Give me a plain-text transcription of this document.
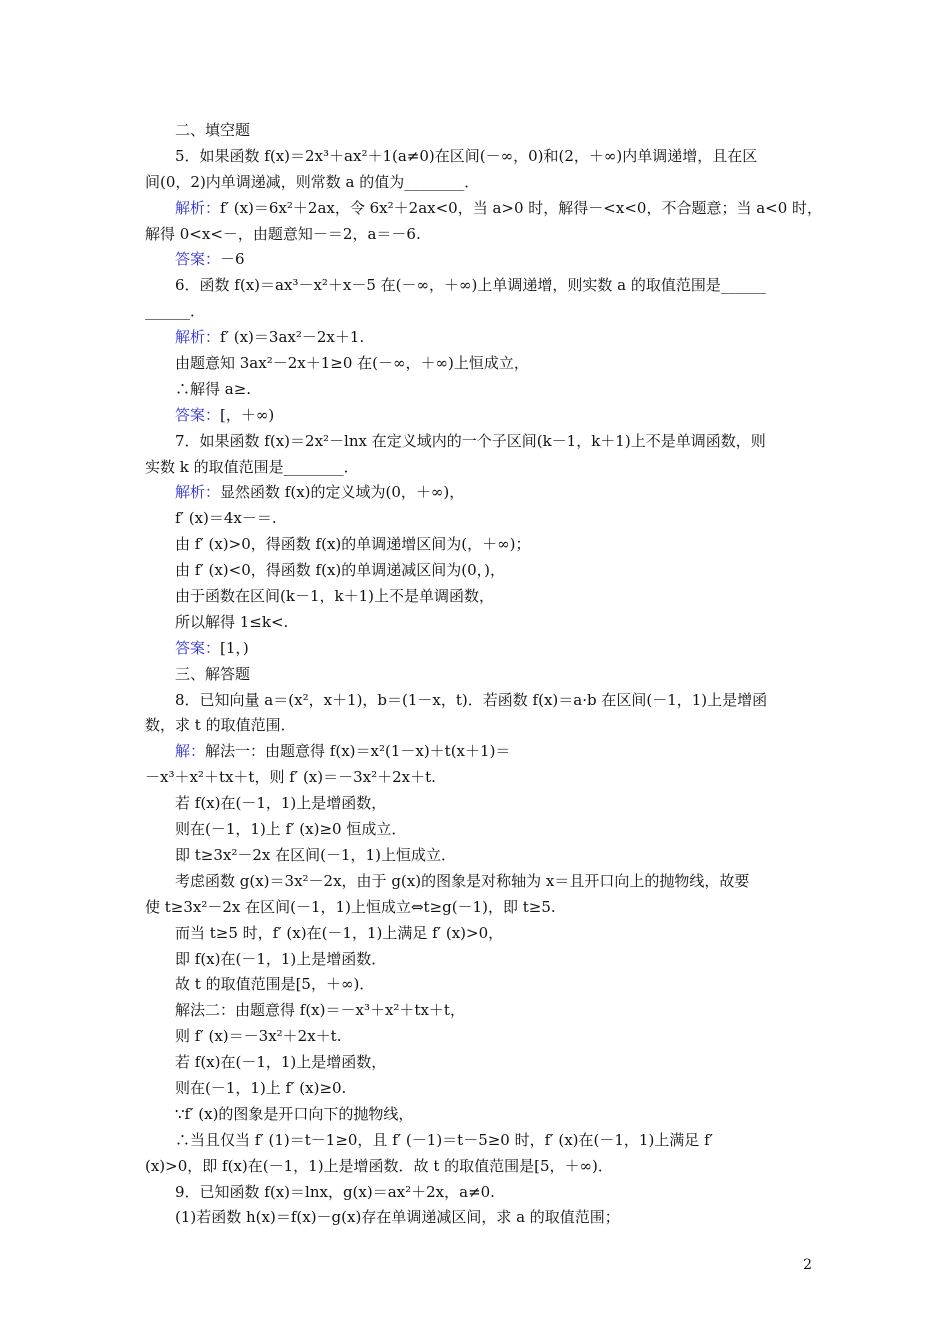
二、填空题
5．如果函数 f(x)＝2x³＋ax²＋1(a≠0)在区间(－∞，0)和(2，＋∞)内单调递增，且在区
间(0，2)内单调递减，则常数 a 的值为________．
解析：f′ (x)＝6x²＋2ax，令 6x²＋2ax<0，当 a>0 时，解得－<x<0，不合题意；当 a<0 时，
解得 0<x<－，由题意知－＝2，a＝－6.
答案：－6
6．函数 f(x)＝ax³－x²＋x－5 在(－∞，＋∞)上单调递增，则实数 a 的取值范围是______
______．
解析：f′ (x)＝3ax²－2x＋1.
由题意知 3ax²－2x＋1≥0 在(－∞，＋∞)上恒成立，
∴解得 a≥.
答案：[，＋∞)
7．如果函数 f(x)＝2x²－lnx 在定义域内的一个子区间(k－1，k＋1)上不是单调函数，则
实数 k 的取值范围是________．
解析：显然函数 f(x)的定义域为(0，＋∞)，
f′ (x)＝4x－＝.
由 f′ (x)>0，得函数 f(x)的单调递增区间为(，＋∞)；
由 f′ (x)<0，得函数 f(x)的单调递减区间为(0，)，
由于函数在区间(k－1，k＋1)上不是单调函数，
所以解得 1≤k<.
答案：[1，)
三、解答题
8．已知向量 a＝(x²，x＋1)，b＝(1－x，t)．若函数 f(x)＝a·b 在区间(－1，1)上是增函
数，求 t 的取值范围．
解：解法一：由题意得 f(x)＝x²(1－x)＋t(x＋1)＝
－x³＋x²＋tx＋t，则 f′ (x)＝－3x²＋2x＋t.
若 f(x)在(－1，1)上是增函数，
则在(－1，1)上 f′ (x)≥0 恒成立．
即 t≥3x²－2x 在区间(－1，1)上恒成立．
考虑函数 g(x)＝3x²－2x，由于 g(x)的图象是对称轴为 x＝且开口向上的抛物线，故要
使 t≥3x²－2x 在区间(－1，1)上恒成立⇔t≥g(－1)，即 t≥5.
而当 t≥5 时，f′ (x)在(－1，1)上满足 f′ (x)>0，
即 f(x)在(－1，1)上是增函数．
故 t 的取值范围是[5，＋∞)．
解法二：由题意得 f(x)＝－x³＋x²＋tx＋t，
则 f′ (x)＝－3x²＋2x＋t.
若 f(x)在(－1，1)上是增函数，
则在(－1，1)上 f′ (x)≥0.
∵f′ (x)的图象是开口向下的抛物线，
∴当且仅当 f′ (1)＝t－1≥0，且 f′ (－1)＝t－5≥0 时，f′ (x)在(－1，1)上满足 f′
(x)>0，即 f(x)在(－1，1)上是增函数．故 t 的取值范围是[5，＋∞)．
9．已知函数 f(x)＝lnx，g(x)＝ax²＋2x，a≠0.
(1)若函数 h(x)＝f(x)－g(x)存在单调递减区间，求 a 的取值范围；
2
